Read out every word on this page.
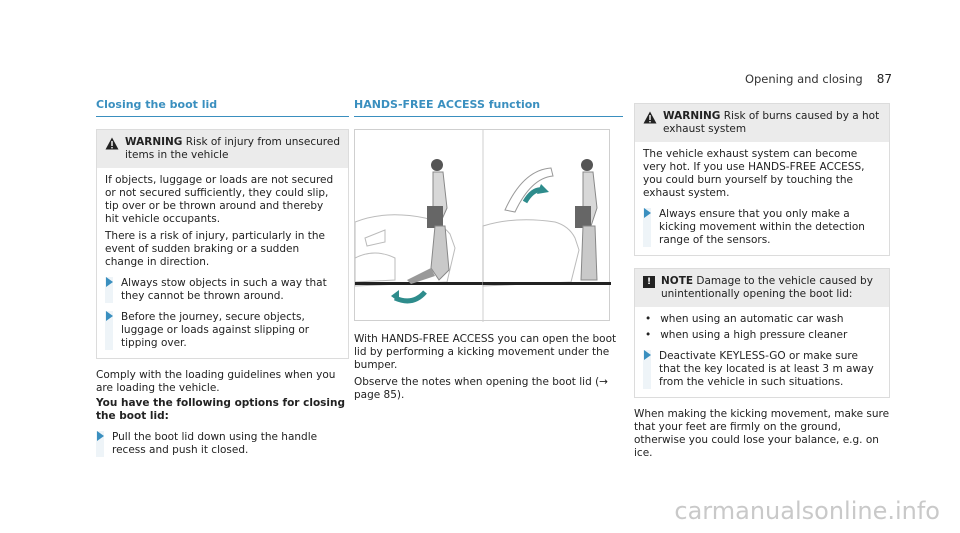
Opening and closing 87
Closing the boot lid
WARNING Risk of injury from unsecured items in the vehicle
If objects, luggage or loads are not secured or not secured sufficiently, they could slip, tip over or be thrown around and thereby hit vehicle occupants.
There is a risk of injury, particularly in the event of sudden braking or a sudden change in direction.
Always stow objects in such a way that they cannot be thrown around.
Before the journey, secure objects, luggage or loads against slipping or tipping over.
Comply with the loading guidelines when you are loading the vehicle.
You have the following options for closing the boot lid:
Pull the boot lid down using the handle recess and push it closed.
HANDS-FREE ACCESS function
With HANDS-FREE ACCESS you can open the boot lid by performing a kicking movement under the bumper.
Observe the notes when opening the boot lid (→ page 85).
WARNING Risk of burns caused by a hot exhaust system
The vehicle exhaust system can become very hot. If you use HANDS-FREE ACCESS, you could burn yourself by touching the exhaust system.
Always ensure that you only make a kicking movement within the detection range of the sensors.
! NOTE Damage to the vehicle caused by unintentionally opening the boot lid:
• when using an automatic car wash
• when using a high pressure cleaner
Deactivate KEYLESS-GO or make sure that the key located is at least 3 m away from the vehicle in such situations.
When making the kicking movement, make sure that your feet are firmly on the ground, otherwise you could lose your balance, e.g. on ice.
carmanualsonline.info
